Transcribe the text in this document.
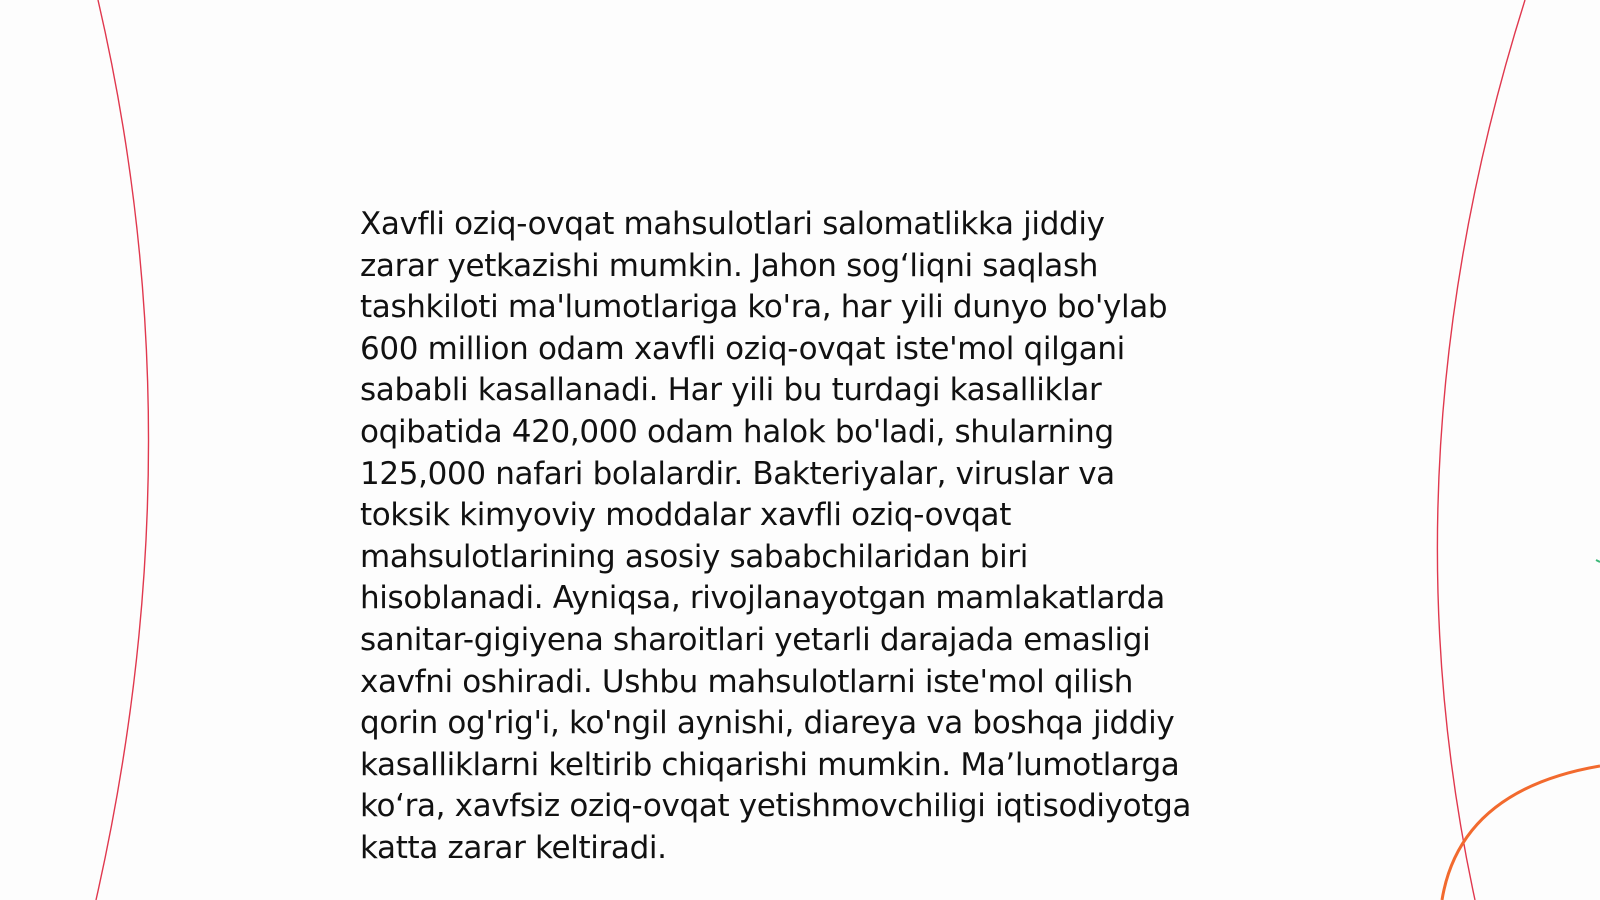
Xavfli oziq-ovqat mahsulotlari salomatlikka jiddiy
zarar yetkazishi mumkin. Jahon sog‘liqni saqlash
tashkiloti ma'lumotlariga ko'ra, har yili dunyo bo'ylab
600 million odam xavfli oziq-ovqat iste'mol qilgani
sababli kasallanadi. Har yili bu turdagi kasalliklar
oqibatida 420,000 odam halok bo'ladi, shularning
125,000 nafari bolalardir. Bakteriyalar, viruslar va
toksik kimyoviy moddalar xavfli oziq-ovqat
mahsulotlarining asosiy sababchilaridan biri
hisoblanadi. Ayniqsa, rivojlanayotgan mamlakatlarda
sanitar-gigiyena sharoitlari yetarli darajada emasligi
xavfni oshiradi. Ushbu mahsulotlarni iste'mol qilish
qorin og'rig'i, ko'ngil aynishi, diareya va boshqa jiddiy
kasalliklarni keltirib chiqarishi mumkin. Ma’lumotlarga
ko‘ra, xavfsiz oziq-ovqat yetishmovchiligi iqtisodiyotga
katta zarar keltiradi.
